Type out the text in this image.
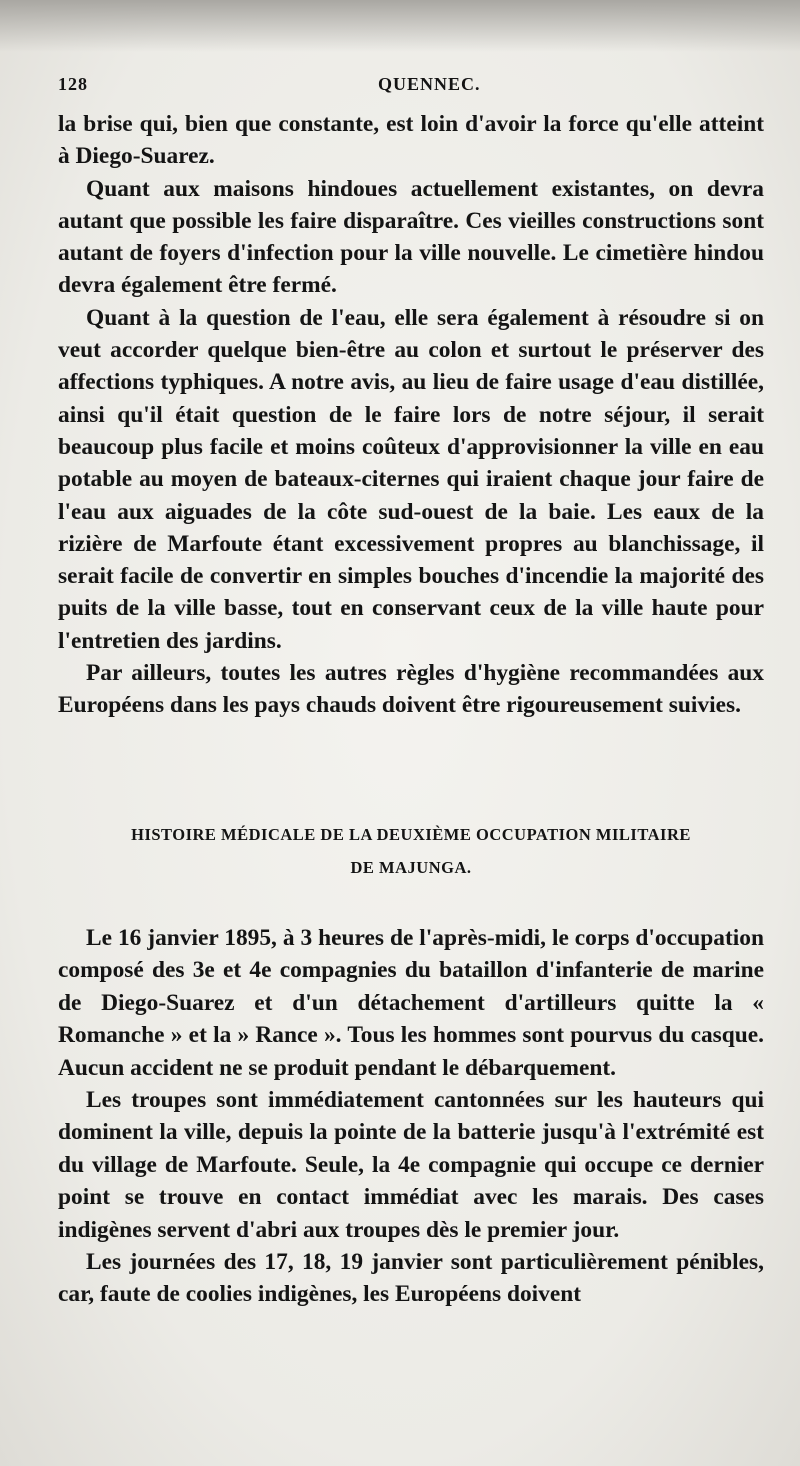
128	QUENNEC.

la brise qui, bien que constante, est loin d'avoir la force qu'elle atteint à Diego-Suarez.

Quant aux maisons hindoues actuellement existantes, on devra autant que possible les faire disparaître. Ces vieilles constructions sont autant de foyers d'infection pour la ville nouvelle. Le cimetière hindou devra également être fermé.

Quant à la question de l'eau, elle sera également à résoudre si on veut accorder quelque bien-être au colon et surtout le préserver des affections typhiques. A notre avis, au lieu de faire usage d'eau distillée, ainsi qu'il était question de le faire lors de notre séjour, il serait beaucoup plus facile et moins coûteux d'approvisionner la ville en eau potable au moyen de bateaux-citernes qui iraient chaque jour faire de l'eau aux aiguades de la côte sud-ouest de la baie. Les eaux de la rizière de Marfoute étant excessivement propres au blanchissage, il serait facile de convertir en simples bouches d'incendie la majorité des puits de la ville basse, tout en conservant ceux de la ville haute pour l'entretien des jardins.

Par ailleurs, toutes les autres règles d'hygiène recommandées aux Européens dans les pays chauds doivent être rigoureusement suivies.

HISTOIRE MÉDICALE DE LA DEUXIÈME OCCUPATION MILITAIRE
DE MAJUNGA.

Le 16 janvier 1895, à 3 heures de l'après-midi, le corps d'occupation composé des 3e et 4e compagnies du bataillon d'infanterie de marine de Diego-Suarez et d'un détachement d'artilleurs quitte la « Romanche » et la » Rance ». Tous les hommes sont pourvus du casque. Aucun accident ne se produit pendant le débarquement.

Les troupes sont immédiatement cantonnées sur les hauteurs qui dominent la ville, depuis la pointe de la batterie jusqu'à l'extrémité est du village de Marfoute. Seule, la 4e compagnie qui occupe ce dernier point se trouve en contact immédiat avec les marais. Des cases indigènes servent d'abri aux troupes dès le premier jour.

Les journées des 17, 18, 19 janvier sont particulièrement pénibles, car, faute de coolies indigènes, les Européens doivent
